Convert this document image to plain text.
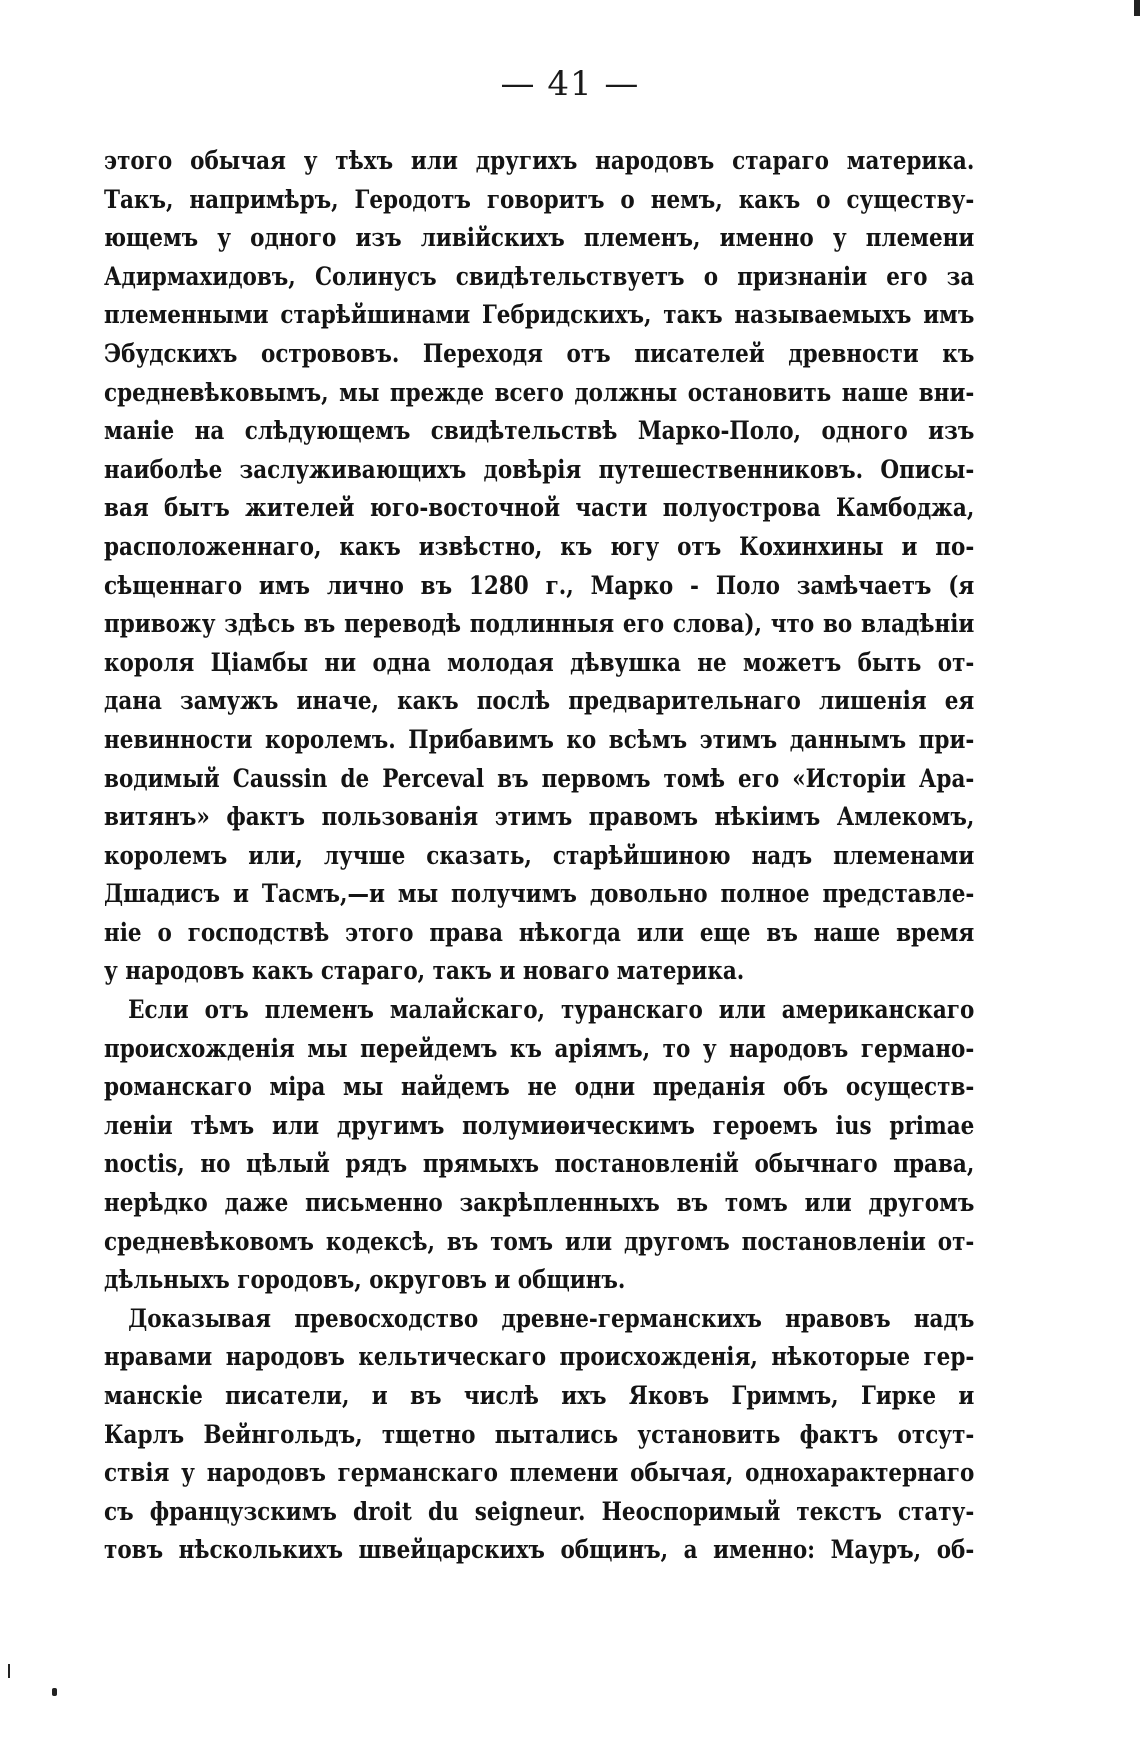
— 41 —
этого обычая у тѣхъ или другихъ народовъ стараго материка.
Такъ, напримѣръ, Геродотъ говоритъ о немъ, какъ о существу-
ющемъ у одного изъ ливійскихъ племенъ, именно у племени
Адирмахидовъ, Солинусъ свидѣтельствуетъ о признаніи его за
племенными старѣйшинами Гебридскихъ, такъ называемыхъ имъ
Эбудскихъ острововъ. Переходя отъ писателей древности къ
средневѣковымъ, мы прежде всего должны остановить наше вни-
маніе на слѣдующемъ свидѣтельствѣ Марко-Поло, одного изъ
наиболѣе заслуживающихъ довѣрія путешественниковъ. Описы-
вая бытъ жителей юго-восточной части полуострова Камбоджа,
расположеннаго, какъ извѣстно, къ югу отъ Кохинхины и по-
сѣщеннаго имъ лично въ 1280 г., Марко - Поло замѣчаетъ (я
привожу здѣсь въ переводѣ подлинныя его слова), что во владѣніи
короля Ціамбы ни одна молодая дѣвушка не можетъ быть от-
дана замужъ иначе, какъ послѣ предварительнаго лишенія ея
невинности королемъ. Прибавимъ ко всѣмъ этимъ даннымъ при-
водимый Caussin de Perceval въ первомъ томѣ его «Исторіи Ара-
витянъ» фактъ пользованія этимъ правомъ нѣкіимъ Амлекомъ,
королемъ или, лучше сказать, старѣйшиною надъ племенами
Дшадисъ и Тасмъ,—и мы получимъ довольно полное представле-
ніе о господствѣ этого права нѣкогда или еще въ наше время
у народовъ какъ стараго, такъ и новаго материка.
Если отъ племенъ малайскаго, туранскаго или американскаго
происхожденія мы перейдемъ къ аріямъ, то у народовъ германо-
романскаго міра мы найдемъ не одни преданія объ осуществ-
леніи тѣмъ или другимъ полумиѳическимъ героемъ ius primae
noctis, но цѣлый рядъ прямыхъ постановленій обычнаго права,
нерѣдко даже письменно закрѣпленныхъ въ томъ или другомъ
средневѣковомъ кодексѣ, въ томъ или другомъ постановленіи от-
дѣльныхъ городовъ, округовъ и общинъ.
Доказывая превосходство древне-германскихъ нравовъ надъ
нравами народовъ кельтическаго происхожденія, нѣкоторые гер-
манскіе писатели, и въ числѣ ихъ Яковъ Гриммъ, Гирке и
Карлъ Вейнгольдъ, тщетно пытались установить фактъ отсут-
ствія у народовъ германскаго племени обычая, однохарактернаго
съ французскимъ droit du seigneur. Неоспоримый текстъ стату-
товъ нѣсколькихъ швейцарскихъ общинъ, а именно: Мауръ, об-
